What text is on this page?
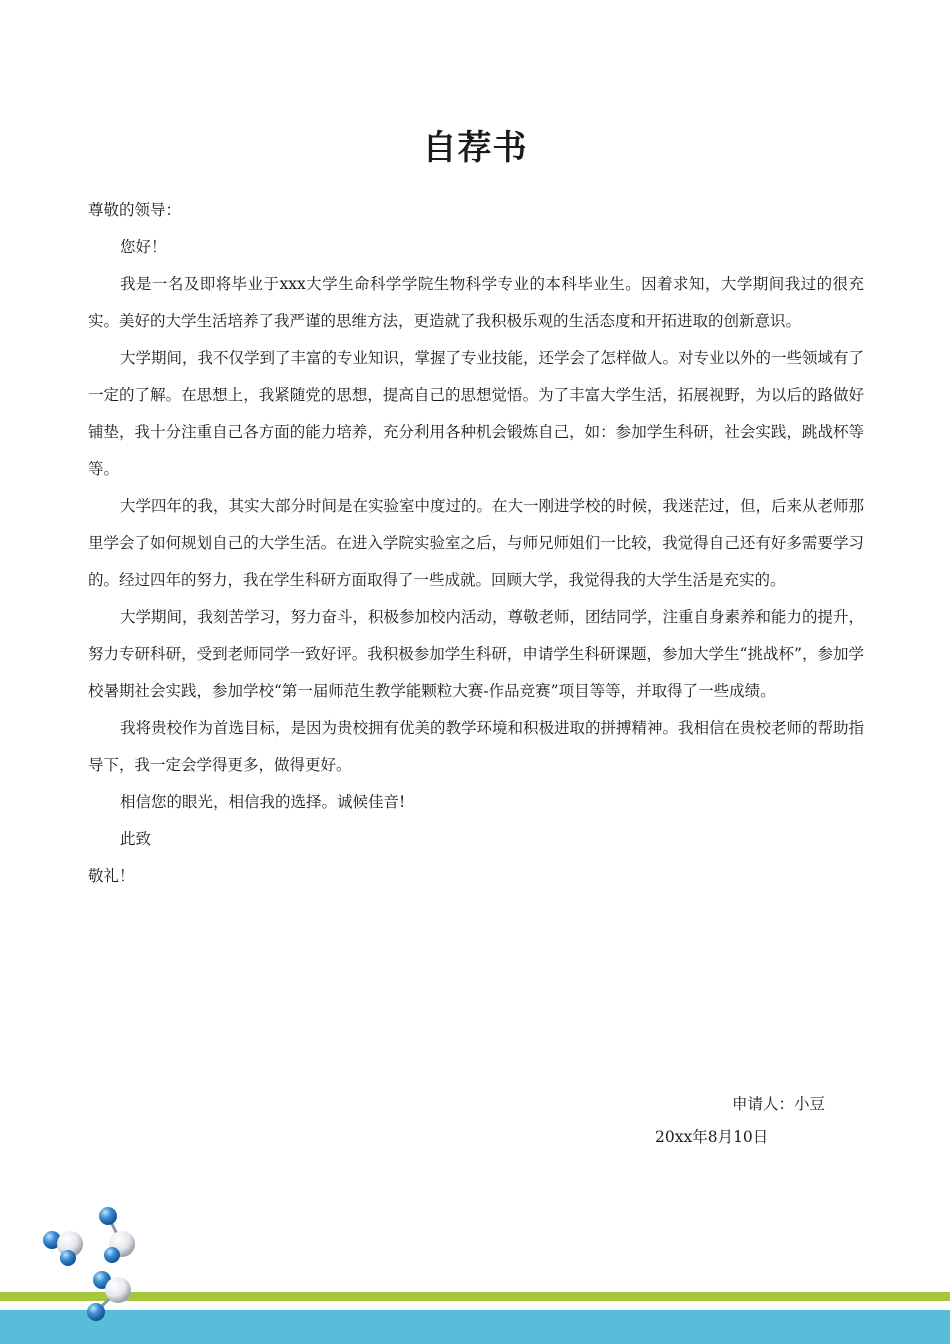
自荐书

尊敬的领导：

您好！

我是一名及即将毕业于xxx大学生命科学学院生物科学专业的本科毕业生。因着求知，大学期间我过的很充实。美好的大学生活培养了我严谨的思维方法，更造就了我积极乐观的生活态度和开拓进取的创新意识。

大学期间，我不仅学到了丰富的专业知识，掌握了专业技能，还学会了怎样做人。对专业以外的一些领域有了一定的了解。在思想上，我紧随党的思想，提高自己的思想觉悟。为了丰富大学生活，拓展视野，为以后的路做好铺垫，我十分注重自己各方面的能力培养，充分利用各种机会锻炼自己，如：参加学生科研，社会实践，跳战杯等等。

大学四年的我，其实大部分时间是在实验室中度过的。在大一刚进学校的时候，我迷茫过，但，后来从老师那里学会了如何规划自己的大学生活。在进入学院实验室之后，与师兄师姐们一比较，我觉得自己还有好多需要学习的。经过四年的努力，我在学生科研方面取得了一些成就。回顾大学，我觉得我的大学生活是充实的。

大学期间，我刻苦学习，努力奋斗，积极参加校内活动，尊敬老师，团结同学，注重自身素养和能力的提升，努力专研科研，受到老师同学一致好评。我积极参加学生科研，申请学生科研课题，参加大学生“挑战杯”，参加学校暑期社会实践，参加学校“第一届师范生教学能颗粒大赛-作品竞赛”项目等等，并取得了一些成绩。

我将贵校作为首选目标，是因为贵校拥有优美的教学环境和积极进取的拼搏精神。我相信在贵校老师的帮助指导下，我一定会学得更多，做得更好。

相信您的眼光，相信我的选择。诚候佳音!

此致

敬礼！

申请人：小豆
20xx年8月10日
